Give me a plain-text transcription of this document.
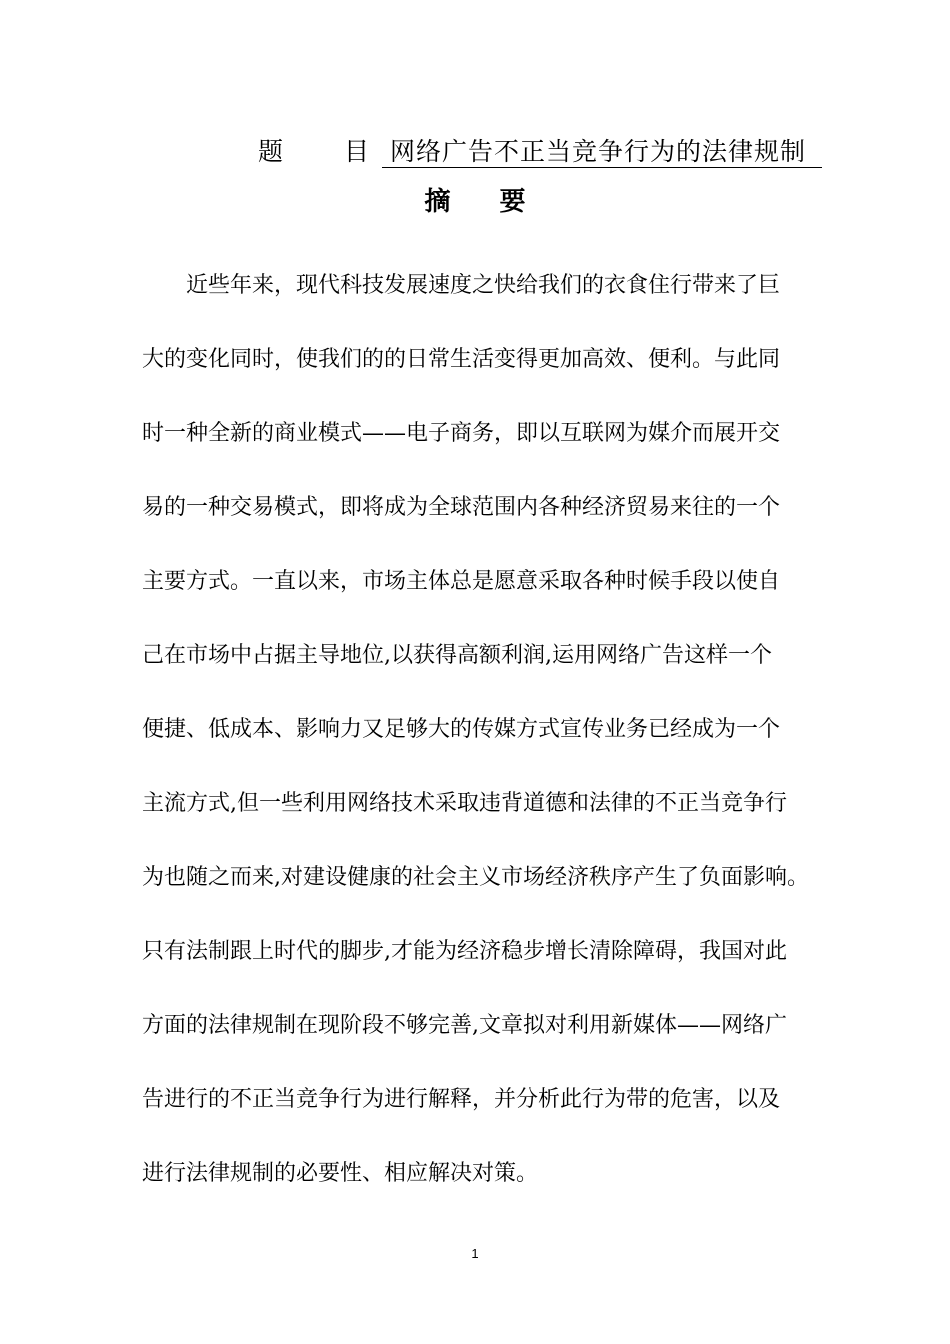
题 目 网络广告不正当竞争行为的法律规制
摘 要
　　近些年来，现代科技发展速度之快给我们的衣食住行带来了巨
大的变化同时，使我们的的日常生活变得更加高效、便利。与此同
时一种全新的商业模式——电子商务，即以互联网为媒介而展开交
易的一种交易模式，即将成为全球范围内各种经济贸易来往的一个
主要方式。一直以来，市场主体总是愿意采取各种时候手段以使自
己在市场中占据主导地位,以获得高额利润,运用网络广告这样一个
便捷、低成本、影响力又足够大的传媒方式宣传业务已经成为一个
主流方式,但一些利用网络技术采取违背道德和法律的不正当竞争行
为也随之而来,对建设健康的社会主义市场经济秩序产生了负面影响。
只有法制跟上时代的脚步,才能为经济稳步增长清除障碍，我国对此
方面的法律规制在现阶段不够完善,文章拟对利用新媒体——网络广
告进行的不正当竞争行为进行解释，并分析此行为带的危害，以及
进行法律规制的必要性、相应解决对策。
1
